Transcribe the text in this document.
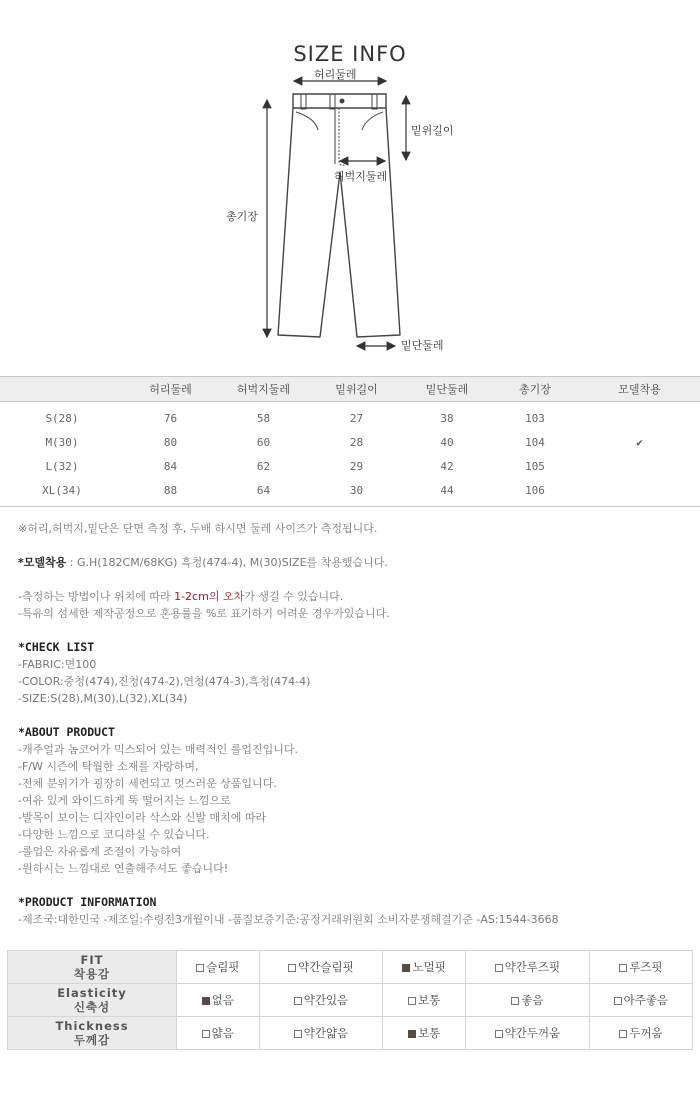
SIZE INFO
허리둘레
밑위길이
허벅지둘레
총기장
밑단둘레
	허리둘레	허벅지둘레	밑위길이	밑단둘레	총기장	모델착용
S(28)	76	58	27	38	103	
M(30)	80	60	28	40	104	✔
L(32)	84	62	29	42	105	
XL(34)	88	64	30	44	106	

※허리,허벅지,밑단은 단면 측정 후, 두배 하시면 둘레 사이즈가 측정됩니다.

*모델착용 : G.H(182CM/68KG) 흑청(474-4), M(30)SIZE를 착용했습니다.

-측정하는 방법이나 위치에 따라 1-2cm의 오차가 생길 수 있습니다.

-특유의 섬세한 제작공정으로 혼용률을 %로 표기하기 어려운 경우가있습니다.

*CHECK LIST

-FABRIC:면100

-COLOR:중청(474),진청(474-2),연청(474-3),흑청(474-4)

-SIZE:S(28),M(30),L(32),XL(34)

*ABOUT PRODUCT

-캐주얼과 놈코어가 믹스되어 있는 매력적인 롤업진입니다.

-F/W 시즌에 탁월한 소재를 자랑하며,

-전체 분위기가 굉장히 세련되고 멋스러운 상품입니다.

-여유 있게 와이드하게 뚝 떨어지는 느낌으로

-발목이 보이는 디자인이라 삭스와 신발 매치에 따라

-다양한 느낌으로 코디하실 수 있습니다.

-롤업은 자유롭게 조절이 가능하여

-원하시는 느낌대로 연출해주셔도 좋습니다!

*PRODUCT INFORMATION

-제조국:대한민국 -제조일:수령전3개월이내 -품질보증기준:공정거래위원회 소비자분쟁해결기준 -AS:1544-3668

FIT
착용감	슬림핏	약간슬림핏	노멀핏	약간루즈핏	루즈핏

Elasticity
신축성	없음	약간있음	보통	좋음	아주좋음

Thickness
두께감	얇음	약간얇음	보통	약간두꺼움	두꺼움
